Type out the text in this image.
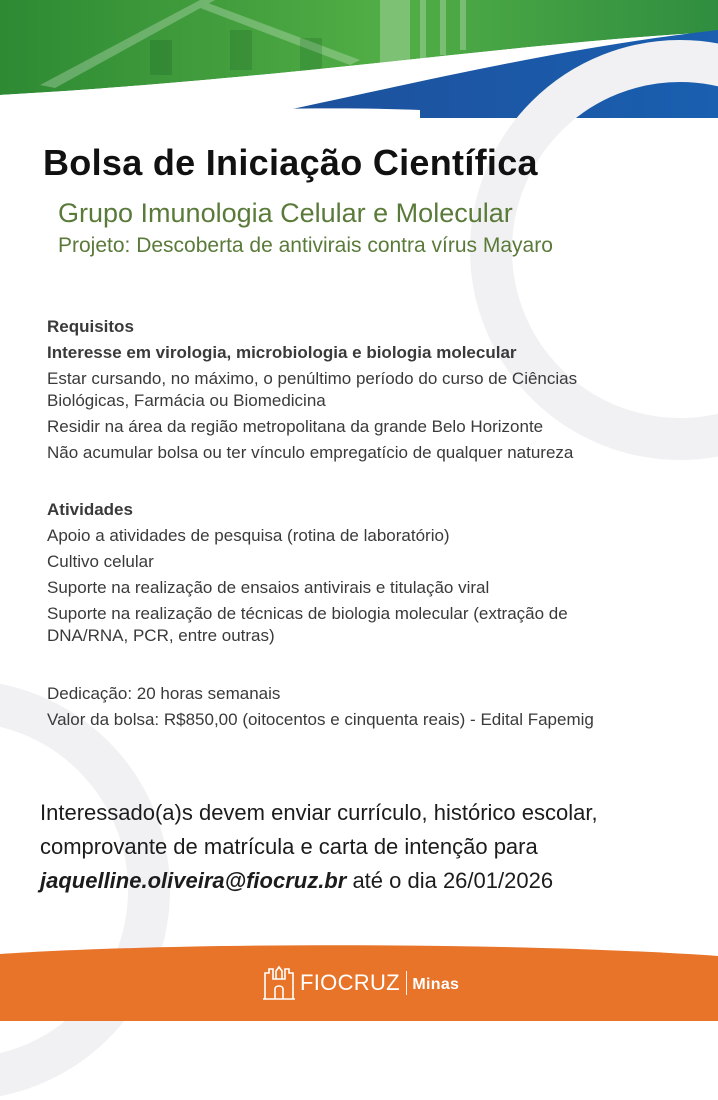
Bolsa de Iniciação Científica

Grupo Imunologia Celular e Molecular

Projeto: Descoberta de antivirais contra vírus Mayaro

Requisitos

Interesse em virologia, microbiologia e biologia molecular

Estar cursando, no máximo, o penúltimo período do curso de Ciências Biológicas, Farmácia ou Biomedicina

Residir na área da região metropolitana da grande Belo Horizonte

Não acumular bolsa ou ter vínculo empregatício de qualquer natureza

Atividades

Apoio a atividades de pesquisa (rotina de laboratório)

Cultivo celular

Suporte na realização de ensaios antivirais e titulação viral

Suporte na realização de técnicas de biologia molecular (extração de DNA/RNA, PCR, entre outras)

Dedicação: 20 horas semanais

Valor da bolsa: R$850,00 (oitocentos e cinquenta reais) - Edital Fapemig

Interessado(a)s devem enviar currículo, histórico escolar, comprovante de matrícula e carta de intenção para
jaquelline.oliveira@fiocruz.br até o dia 26/01/2026
FIOCRUZ Minas
